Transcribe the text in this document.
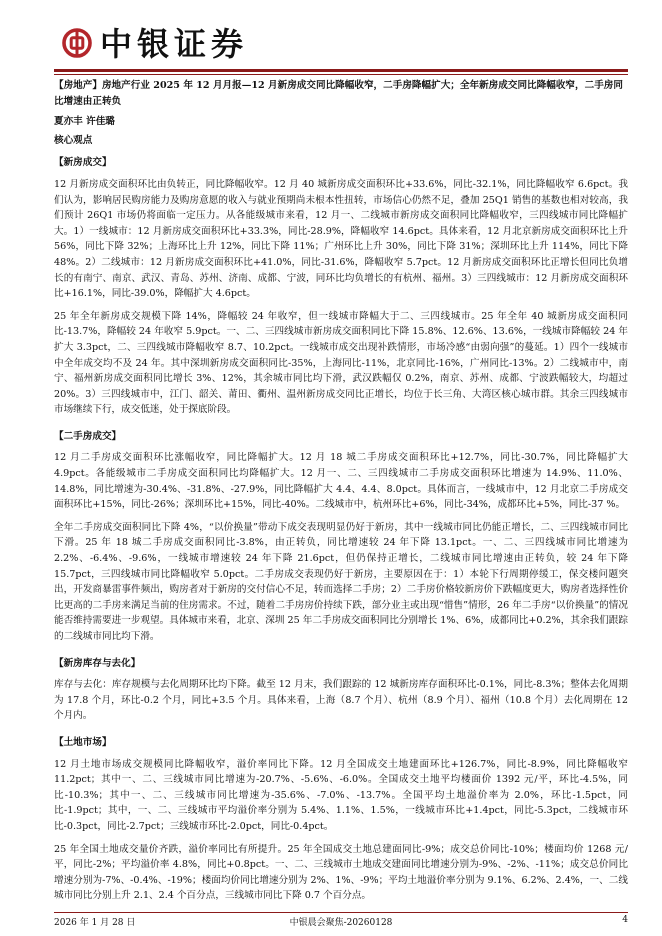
中银证券

【房地产】房地产行业 2025 年 12 月月报—12 月新房成交同比降幅收窄，二手房降幅扩大；全年新房成交同比降幅收窄，二手房同比增速由正转负

夏亦丰 许佳璐
核心观点
【新房成交】

12 月新房成交面积环比由负转正，同比降幅收窄。12 月 40 城新房成交面积环比+33.6%，同比-32.1%，同比降幅收窄 6.6pct。我们认为，影响居民购房能力及购房意愿的收入与就业预期尚未根本性扭转，市场信心仍然不足，叠加 25Q1 销售的基数也相对较高，我们预计 26Q1 市场仍将面临一定压力。从各能级城市来看，12 月一、二线城市新房成交面积同比降幅收窄，三四线城市同比降幅扩大。1）一线城市：12 月新房成交面积环比+33.3%，同比-28.9%，降幅收窄 14.6pct。具体来看，12 月北京新房成交面积环比上升 56%，同比下降 32%；上海环比上升 12%，同比下降 11%；广州环比上升 30%，同比下降 31%；深圳环比上升 114%，同比下降 48%。2）二线城市：12 月新房成交面积环比+41.0%，同比-31.6%，降幅收窄 5.7pct。12 月新房成交面积环比正增长但同比负增长的有南宁、南京、武汉、青岛、苏州、济南、成都、宁波，同环比均负增长的有杭州、福州。3）三四线城市：12 月新房成交面积环比+16.1%，同比-39.0%，降幅扩大 4.6pct。

25 年全年新房成交规模下降 14%，降幅较 24 年收窄，但一线城市降幅大于二、三四线城市。25 年全年 40 城新房成交面积同比-13.7%，降幅较 24 年收窄 5.9pct。一、二、三四线城市新房成交面积同比下降 15.8%、12.6%、13.6%，一线城市降幅较 24 年扩大 3.3pct，二、三四线城市降幅收窄 8.7、10.2pct。一线城市成交出现补跌情形，市场冷感“由弱向强”的蔓延。1）四个一线城市中全年成交均不及 24 年。其中深圳新房成交面积同比-35%，上海同比-11%，北京同比-16%，广州同比-13%。2）二线城市中，南宁、福州新房成交面积同比增长 3%、12%，其余城市同比均下滑，武汉跌幅仅 0.2%，南京、苏州、成都、宁波跌幅较大，均超过 20%。3）三四线城市中，江门、韶关、莆田、衢州、温州新房成交同比正增长，均位于长三角、大湾区核心城市群。其余三四线城市市场继续下行，成交低迷，处于探底阶段。

【二手房成交】

12 月二手房成交面积环比涨幅收窄，同比降幅扩大。12 月 18 城二手房成交面积环比+12.7%，同比-30.7%，同比降幅扩大 4.9pct。各能级城市二手房成交面积同比均降幅扩大。12 月一、二、三四线城市二手房成交面积环比增速为 14.9%、11.0%、14.8%，同比增速为-30.4%、-31.8%、-27.9%，同比降幅扩大 4.4、4.4、8.0pct。具体而言，一线城市中，12 月北京二手房成交面积环比+15%，同比-26%；深圳环比+15%，同比-40%。二线城市中，杭州环比+6%，同比-34%，成都环比+5%，同比-37 %。

全年二手房成交面积同比下降 4%，“以价换量”带动下成交表现明显仍好于新房，其中一线城市同比仍能正增长，二、三四线城市同比下滑。25 年 18 城二手房成交面积同比-3.8%，由正转负，同比增速较 24 年下降 13.1pct。一、二、三四线城市同比增速为 2.2%、-6.4%、-9.6%，一线城市增速较 24 年下降 21.6pct，但仍保持正增长，二线城市同比增速由正转负，较 24 年下降 15.7pct，三四线城市同比降幅收窄 5.0pct。二手房成交表现仍好于新房，主要原因在于：1）本轮下行周期停缓工，保交楼问题突出，开发商暴雷事件频出，购房者对于新房的交付信心不足，转而选择二手房；2）二手房价格较新房价下跌幅度更大，购房者选择性价比更高的二手房来满足当前的住房需求。不过，随着二手房房价持续下跌，部分业主或出现“惜售”情形，26 年二手房“以价换量”的情况能否维持需要进一步观望。具体城市来看，北京、深圳 25 年二手房成交面积同比分别增长 1%、6%，成都同比+0.2%，其余我们跟踪的二线城市同比均下滑。

【新房库存与去化】

库存与去化：库存规模与去化周期环比均下降。截至 12 月末，我们跟踪的 12 城新房库存面积环比-0.1%，同比-8.3%；整体去化周期为 17.8 个月，环比-0.2 个月，同比+3.5 个月。具体来看，上海（8.7 个月）、杭州（8.9 个月）、福州（10.8 个月）去化周期在 12 个月内。

【土地市场】

12 月土地市场成交规模同比降幅收窄，溢价率同比下降。12 月全国成交土地建面环比+126.7%，同比-8.9%，同比降幅收窄 11.2pct；其中一、二、三线城市同比增速为-20.7%、-5.6%、-6.0%。全国成交土地平均楼面价 1392 元/平，环比-4.5%，同比-10.3%；其中一、二、三线城市同比增速为-35.6%、-7.0%、-13.7%。全国平均土地溢价率为 2.0%，环比-1.5pct，同比-1.9pct；其中，一、二、三线城市平均溢价率分别为 5.4%、1.1%、1.5%，一线城市环比+1.4pct，同比-5.3pct，二线城市环比-0.3pct，同比-2.7pct；三线城市环比-2.0pct，同比-0.4pct。

25 年全国土地成交量价齐跌，溢价率同比有所提升。25 年全国成交土地总建面同比-9%；成交总价同比-10%；楼面均价 1268 元/平，同比-2%；平均溢价率 4.8%，同比+0.8pct。一、二、三线城市土地成交建面同比增速分别为-9%、-2%、-11%；成交总价同比增速分别为-7%、-0.4%、-19%；楼面均价同比增速分别为 2%、1%、-9%；平均土地溢价率分别为 9.1%、6.2%、2.4%，一、二线城市同比分别上升 2.1、2.4 个百分点，三线城市同比下降 0.7 个百分点。

2026 年 1 月 28 日	中银晨会聚焦-20260128	4
